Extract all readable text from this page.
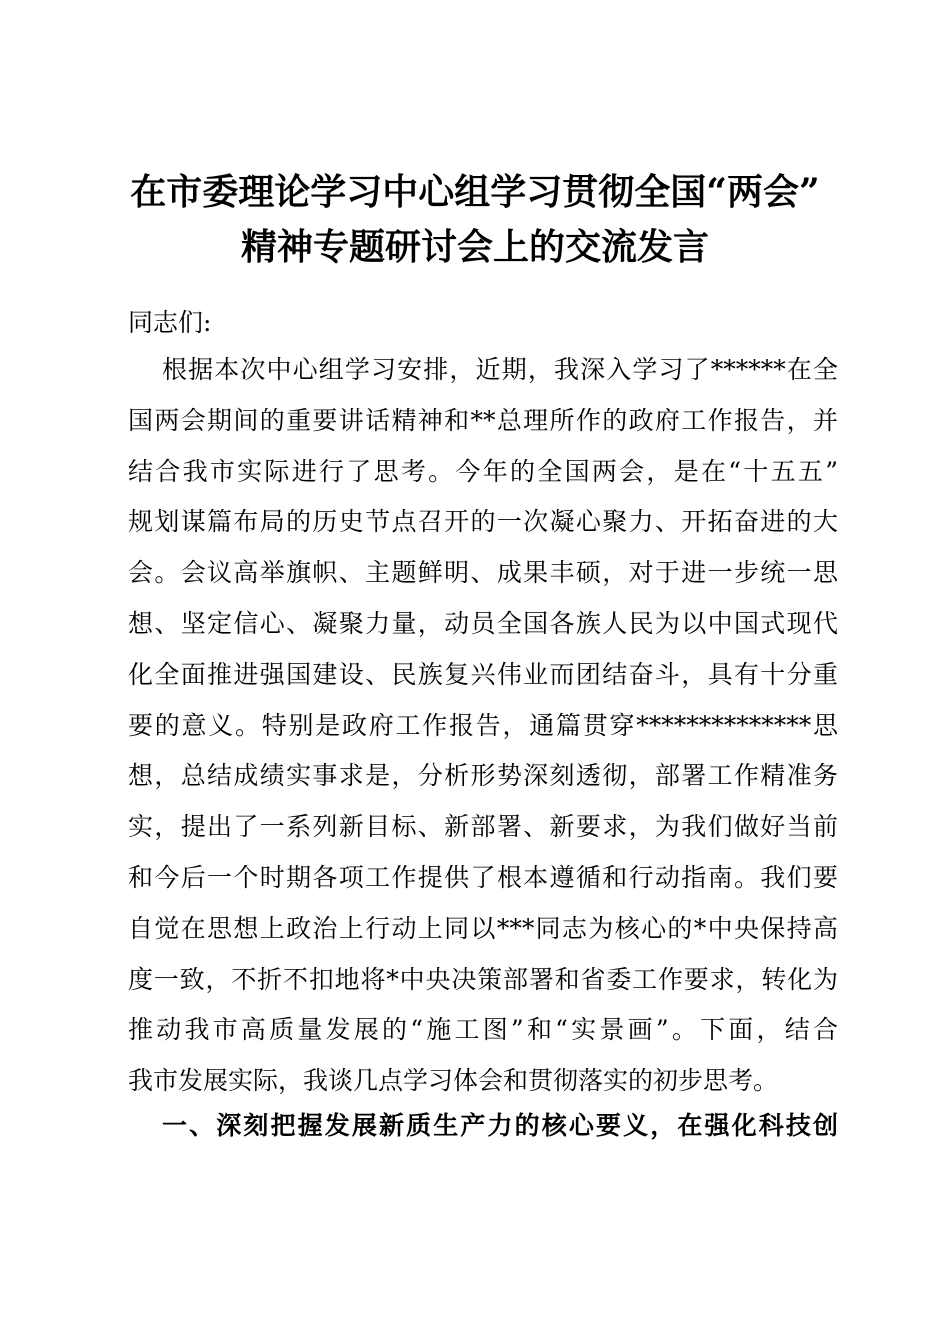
在市委理论学习中心组学习贯彻全国“两会”
精神专题研讨会上的交流发言

同志们:

根据本次中心组学习安排，近期，我深入学习了******在全
国两会期间的重要讲话精神和**总理所作的政府工作报告，并
结合我市实际进行了思考。今年的全国两会，是在“十五五”
规划谋篇布局的历史节点召开的一次凝心聚力、开拓奋进的大
会。会议高举旗帜、主题鲜明、成果丰硕，对于进一步统一思
想、坚定信心、凝聚力量，动员全国各族人民为以中国式现代
化全面推进强国建设、民族复兴伟业而团结奋斗，具有十分重
要的意义。特别是政府工作报告，通篇贯穿**************思
想，总结成绩实事求是，分析形势深刻透彻，部署工作精准务
实，提出了一系列新目标、新部署、新要求，为我们做好当前
和今后一个时期各项工作提供了根本遵循和行动指南。我们要
自觉在思想上政治上行动上同以***同志为核心的*中央保持高
度一致，不折不扣地将*中央决策部署和省委工作要求，转化为
推动我市高质量发展的“施工图”和“实景画”。下面，结合
我市发展实际，我谈几点学习体会和贯彻落实的初步思考。
一、深刻把握发展新质生产力的核心要义，在强化科技创
